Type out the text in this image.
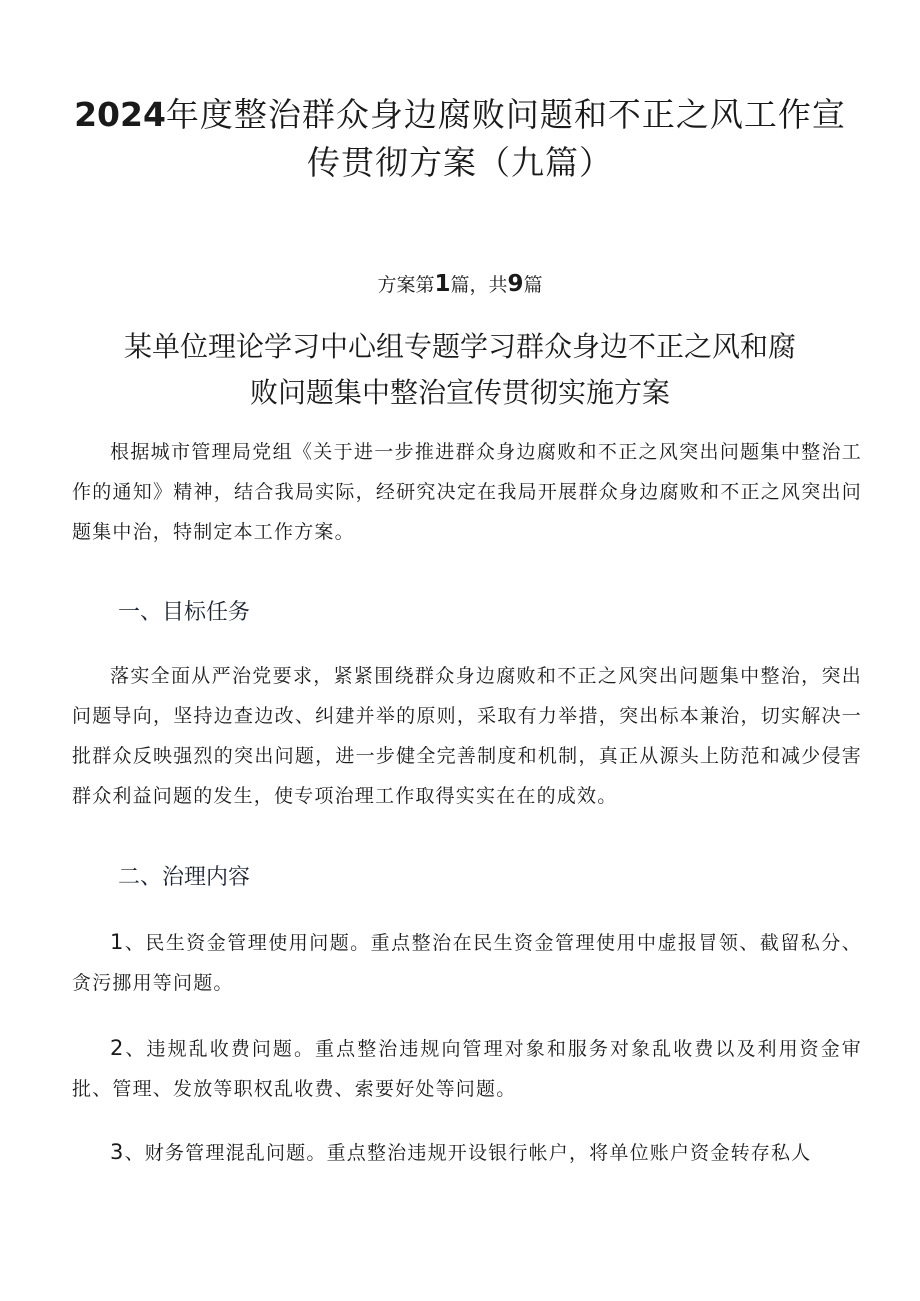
2024年度整治群众身边腐败问题和不正之风工作宣
传贯彻方案（九篇）
方案第1篇，共9篇
某单位理论学习中心组专题学习群众身边不正之风和腐
败问题集中整治宣传贯彻实施方案

根据城市管理局党组《关于进一步推进群众身边腐败和不正之风突出问题集中整治工作的通知》精神，结合我局实际，经研究决定在我局开展群众身边腐败和不正之风突出问题集中治，特制定本工作方案。

一、目标任务

落实全面从严治党要求，紧紧围绕群众身边腐败和不正之风突出问题集中整治，突出问题导向，坚持边查边改、纠建并举的原则，采取有力举措，突出标本兼治，切实解决一批群众反映强烈的突出问题，进一步健全完善制度和机制，真正从源头上防范和减少侵害群众利益问题的发生，使专项治理工作取得实实在在的成效。

二、治理内容

1、民生资金管理使用问题。重点整治在民生资金管理使用中虚报冒领、截留私分、贪污挪用等问题。

2、违规乱收费问题。重点整治违规向管理对象和服务对象乱收费以及利用资金审批、管理、发放等职权乱收费、索要好处等问题。

3、财务管理混乱问题。重点整治违规开设银行帐户，将单位账户资金转存私人
